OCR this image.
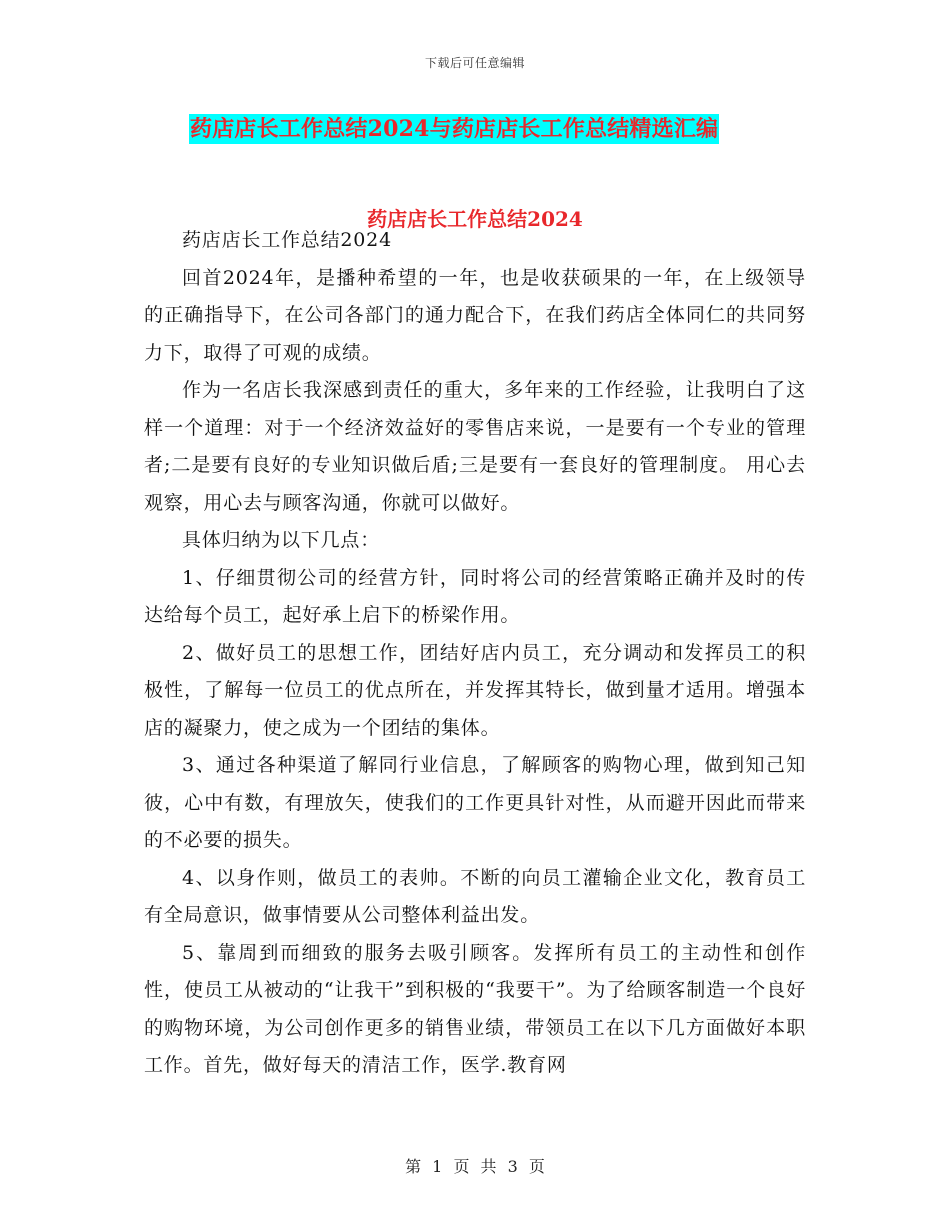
下载后可任意编辑
药店店长工作总结2024与药店店长工作总结精选汇编
药店店长工作总结2024

药店店长工作总结2024

回首2024年，是播种希望的一年，也是收获硕果的一年，在上级领导的正确指导下，在公司各部门的通力配合下，在我们药店全体同仁的共同努力下，取得了可观的成绩。

作为一名店长我深感到责任的重大，多年来的工作经验，让我明白了这样一个道理：对于一个经济效益好的零售店来说，一是要有一个专业的管理者;二是要有良好的专业知识做后盾;三是要有一套良好的管理制度。 用心去观察，用心去与顾客沟通，你就可以做好。

具体归纳为以下几点：

1、仔细贯彻公司的经营方针，同时将公司的经营策略正确并及时的传达给每个员工，起好承上启下的桥梁作用。

2、做好员工的思想工作，团结好店内员工，充分调动和发挥员工的积极性，了解每一位员工的优点所在，并发挥其特长，做到量才适用。增强本店的凝聚力，使之成为一个团结的集体。

3、通过各种渠道了解同行业信息，了解顾客的购物心理，做到知己知彼，心中有数，有理放矢，使我们的工作更具针对性，从而避开因此而带来的不必要的损失。

4、以身作则，做员工的表帅。不断的向员工灌输企业文化，教育员工有全局意识，做事情要从公司整体利益出发。

5、靠周到而细致的服务去吸引顾客。发挥所有员工的主动性和创作性，使员工从被动的“让我干”到积极的“我要干”。为了给顾客制造一个良好的购物环境，为公司创作更多的销售业绩，带领员工在以下几方面做好本职工作。首先，做好每天的清洁工作，医学.教育网

第 1 页 共 3 页
